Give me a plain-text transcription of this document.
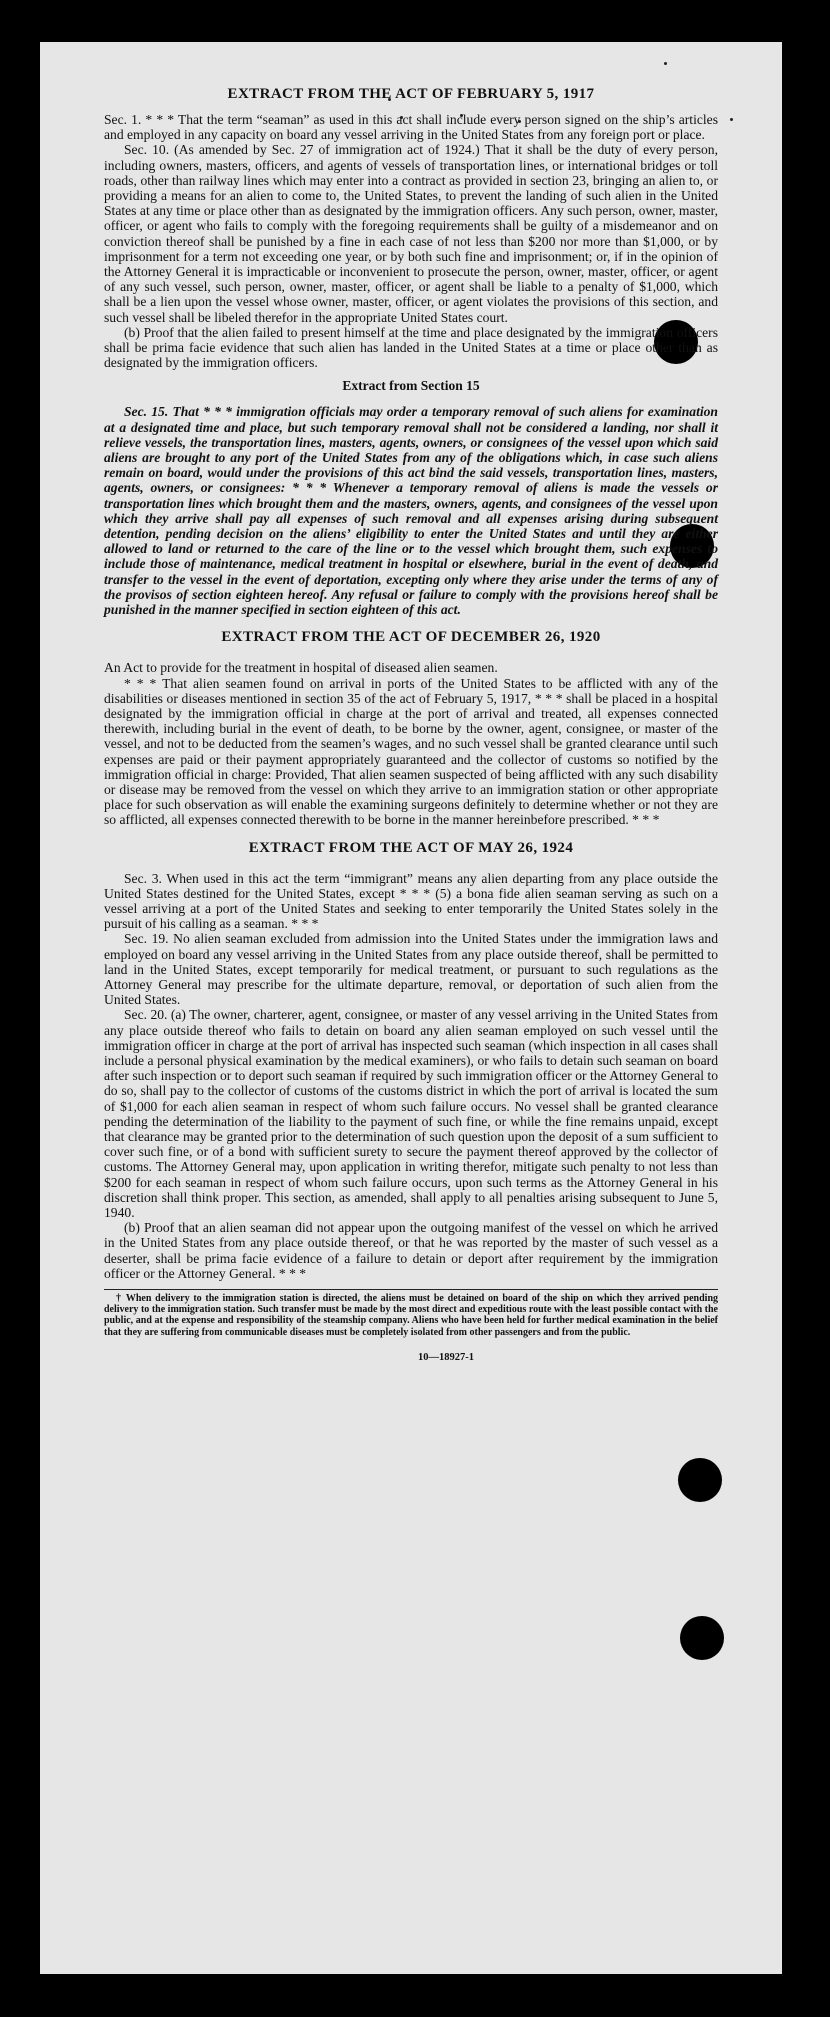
EXTRACT FROM THE ACT OF FEBRUARY 5, 1917

Sec. 1. * * * That the term “seaman” as used in this act shall include every person signed on the ship’s articles and employed in any capacity on board any vessel arriving in the United States from any foreign port or place.

Sec. 10. (As amended by Sec. 27 of immigration act of 1924.) That it shall be the duty of every person, including owners, masters, officers, and agents of vessels of transportation lines, or international bridges or toll roads, other than railway lines which may enter into a contract as provided in section 23, bringing an alien to, or providing a means for an alien to come to, the United States, to prevent the landing of such alien in the United States at any time or place other than as designated by the immigration officers. Any such person, owner, master, officer, or agent who fails to comply with the foregoing requirements shall be guilty of a misdemeanor and on conviction thereof shall be punished by a fine in each case of not less than $200 nor more than $1,000, or by imprisonment for a term not exceeding one year, or by both such fine and imprisonment; or, if in the opinion of the Attorney General it is impracticable or inconvenient to prosecute the person, owner, master, officer, or agent of any such vessel, such person, owner, master, officer, or agent shall be liable to a penalty of $1,000, which shall be a lien upon the vessel whose owner, master, officer, or agent violates the provisions of this section, and such vessel shall be libeled therefor in the appropriate United States court.

(b) Proof that the alien failed to present himself at the time and place designated by the immigration officers shall be prima facie evidence that such alien has landed in the United States at a time or place other than as designated by the immigration officers.

Extract from Section 15

Sec. 15. That * * * immigration officials may order a temporary removal of such aliens for examination at a designated time and place, but such temporary removal shall not be considered a landing, nor shall it relieve vessels, the transportation lines, masters, agents, owners, or consignees of the vessel upon which said aliens are brought to any port of the United States from any of the obligations which, in case such aliens remain on board, would under the provisions of this act bind the said vessels, transportation lines, masters, agents, owners, or consignees: * * * Whenever a temporary removal of aliens is made the vessels or transportation lines which brought them and the masters, owners, agents, and consignees of the vessel upon which they arrive shall pay all expenses of such removal and all expenses arising during subsequent detention, pending decision on the aliens’ eligibility to enter the United States and until they are either allowed to land or returned to the care of the line or to the vessel which brought them, such expenses to include those of maintenance, medical treatment in hospital or elsewhere, burial in the event of death, and transfer to the vessel in the event of deportation, excepting only where they arise under the terms of any of the provisos of section eighteen hereof. Any refusal or failure to comply with the provisions hereof shall be punished in the manner specified in section eighteen of this act.

EXTRACT FROM THE ACT OF DECEMBER 26, 1920

An Act to provide for the treatment in hospital of diseased alien seamen.

* * * That alien seamen found on arrival in ports of the United States to be afflicted with any of the disabilities or diseases mentioned in section 35 of the act of February 5, 1917, * * * shall be placed in a hospital designated by the immigration official in charge at the port of arrival and treated, all expenses connected therewith, including burial in the event of death, to be borne by the owner, agent, consignee, or master of the vessel, and not to be deducted from the seamen’s wages, and no such vessel shall be granted clearance until such expenses are paid or their payment appropriately guaranteed and the collector of customs so notified by the immigration official in charge: Provided, That alien seamen suspected of being afflicted with any such disability or disease may be removed from the vessel on which they arrive to an immigration station or other appropriate place for such observation as will enable the examining surgeons definitely to determine whether or not they are so afflicted, all expenses connected therewith to be borne in the manner hereinbefore prescribed. * * *

EXTRACT FROM THE ACT OF MAY 26, 1924

Sec. 3. When used in this act the term “immigrant” means any alien departing from any place outside the United States destined for the United States, except * * * (5) a bona fide alien seaman serving as such on a vessel arriving at a port of the United States and seeking to enter temporarily the United States solely in the pursuit of his calling as a seaman. * * *

Sec. 19. No alien seaman excluded from admission into the United States under the immigration laws and employed on board any vessel arriving in the United States from any place outside thereof, shall be permitted to land in the United States, except temporarily for medical treatment, or pursuant to such regulations as the Attorney General may prescribe for the ultimate departure, removal, or deportation of such alien from the United States.

Sec. 20. (a) The owner, charterer, agent, consignee, or master of any vessel arriving in the United States from any place outside thereof who fails to detain on board any alien seaman employed on such vessel until the immigration officer in charge at the port of arrival has inspected such seaman (which inspection in all cases shall include a personal physical examination by the medical examiners), or who fails to detain such seaman on board after such inspection or to deport such seaman if required by such immigration officer or the Attorney General to do so, shall pay to the collector of customs of the customs district in which the port of arrival is located the sum of $1,000 for each alien seaman in respect of whom such failure occurs. No vessel shall be granted clearance pending the determination of the liability to the payment of such fine, or while the fine remains unpaid, except that clearance may be granted prior to the determination of such question upon the deposit of a sum sufficient to cover such fine, or of a bond with sufficient surety to secure the payment thereof approved by the collector of customs. The Attorney General may, upon application in writing therefor, mitigate such penalty to not less than $200 for each seaman in respect of whom such failure occurs, upon such terms as the Attorney General in his discretion shall think proper. This section, as amended, shall apply to all penalties arising subsequent to June 5, 1940.

(b) Proof that an alien seaman did not appear upon the outgoing manifest of the vessel on which he arrived in the United States from any place outside thereof, or that he was reported by the master of such vessel as a deserter, shall be prima facie evidence of a failure to detain or deport after requirement by the immigration officer or the Attorney General. * * *

† When delivery to the immigration station is directed, the aliens must be detained on board of the ship on which they arrived pending delivery to the immigration station. Such transfer must be made by the most direct and expeditious route with the least possible contact with the public, and at the expense and responsibility of the steamship company. Aliens who have been held for further medical examination in the belief that they are suffering from communicable diseases must be completely isolated from other passengers and from the public.

10—18927-1
